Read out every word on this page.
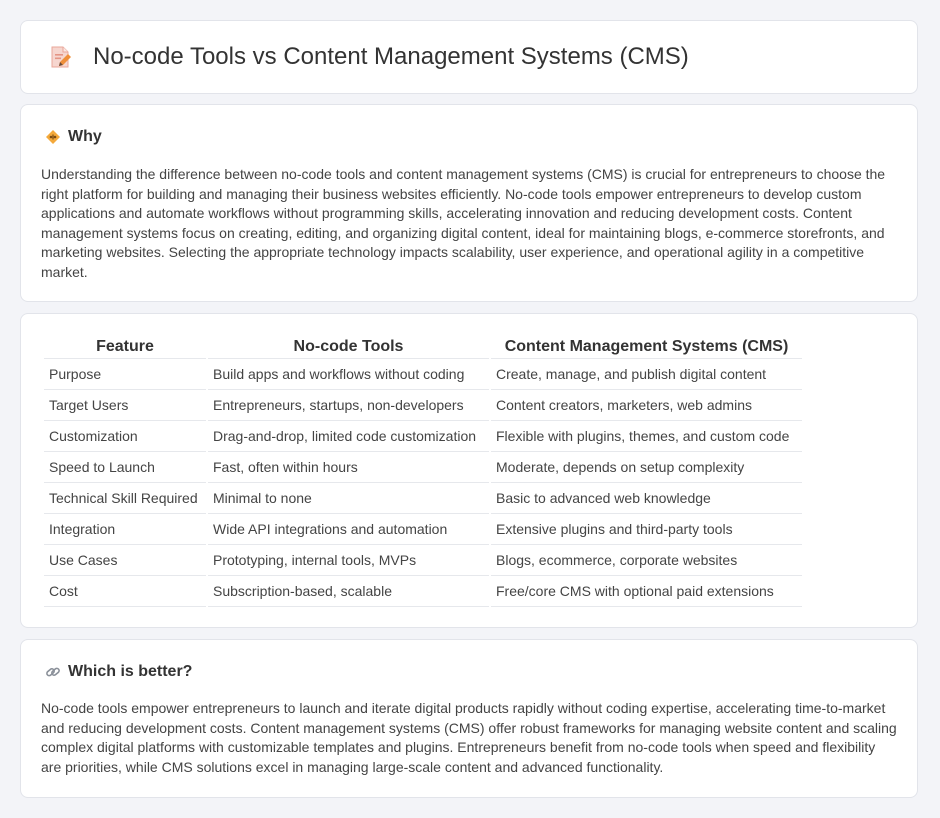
No-code Tools vs Content Management Systems (CMS)
Why

Understanding the difference between no-code tools and content management systems (CMS) is crucial for entrepreneurs to choose the right platform for building and managing their business websites efficiently. No-code tools empower entrepreneurs to develop custom applications and automate workflows without programming skills, accelerating innovation and reducing development costs. Content management systems focus on creating, editing, and organizing digital content, ideal for maintaining blogs, e-commerce storefronts, and marketing websites. Selecting the appropriate technology impacts scalability, user experience, and operational agility in a competitive market.

Feature	No-code Tools	Content Management Systems (CMS)
Purpose	Build apps and workflows without coding	Create, manage, and publish digital content
Target Users	Entrepreneurs, startups, non-developers	Content creators, marketers, web admins
Customization	Drag-and-drop, limited code customization	Flexible with plugins, themes, and custom code
Speed to Launch	Fast, often within hours	Moderate, depends on setup complexity
Technical Skill Required	Minimal to none	Basic to advanced web knowledge
Integration	Wide API integrations and automation	Extensive plugins and third-party tools
Use Cases	Prototyping, internal tools, MVPs	Blogs, ecommerce, corporate websites
Cost	Subscription-based, scalable	Free/core CMS with optional paid extensions
Which is better?

No-code tools empower entrepreneurs to launch and iterate digital products rapidly without coding expertise, accelerating time-to-market and reducing development costs. Content management systems (CMS) offer robust frameworks for managing website content and scaling complex digital platforms with customizable templates and plugins. Entrepreneurs benefit from no-code tools when speed and flexibility are priorities, while CMS solutions excel in managing large-scale content and advanced functionality.
